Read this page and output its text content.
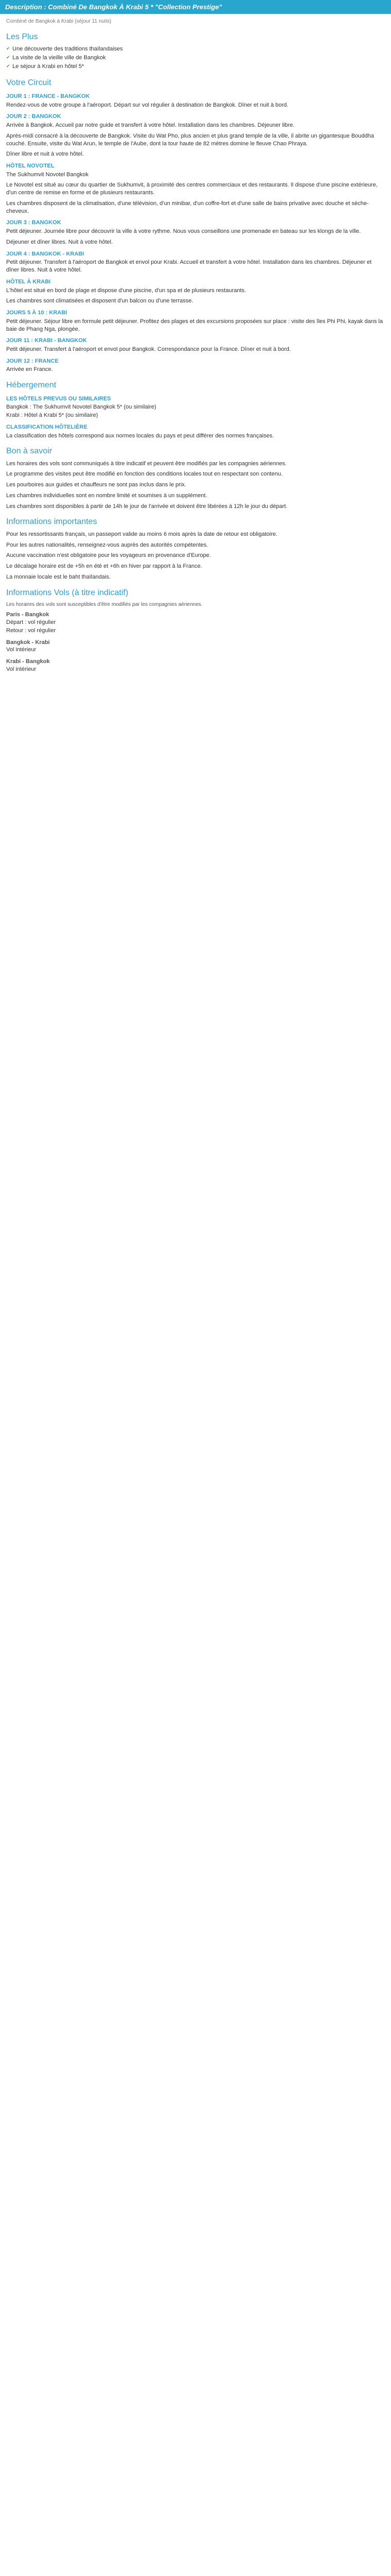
Description : Combiné De Bangkok À Krabi 5 * "Collection Prestige"
Combiné de Bangkok à Krabi (séjour 11 nuits)
Les Plus
✔ Une découverte des traditions thaïlandaises
✔ La visite de la vieille ville de Bangkok
✔ Le séjour à Krabi en hôtel 5*
Votre Circuit
JOUR 1 : FRANCE - BANGKOK

Rendez-vous de votre groupe à l'aéroport. Départ sur vol régulier à destination de Bangkok. Dîner et nuit à bord.

JOUR 2 : BANGKOK

Arrivée à Bangkok. Accueil par notre guide et transfert à votre hôtel. Installation dans les chambres. Déjeuner libre.

Après-midi consacré à la découverte de Bangkok. Visite du Wat Pho, plus ancien et plus grand temple de la ville, il abrite un gigantesque Bouddha couché. Ensuite, visite du Wat Arun, le temple de l'Aube, dont la tour haute de 82 mètres domine le fleuve Chao Phraya.

Dîner libre et nuit à votre hôtel.

HÔTEL NOVOTEL

The Sukhumvit Novotel Bangkok

Le Novotel est situé au cœur du quartier de Sukhumvit, à proximité des centres commerciaux et des restaurants. Il dispose d'une piscine extérieure, d'un centre de remise en forme et de plusieurs restaurants.

Les chambres disposent de la climatisation, d'une télévision, d'un minibar, d'un coffre-fort et d'une salle de bains privative avec douche et sèche-cheveux.

JOUR 3 : BANGKOK

Petit déjeuner. Journée libre pour découvrir la ville à votre rythme. Nous vous conseillons une promenade en bateau sur les klongs de la ville.

Déjeuner et dîner libres. Nuit à votre hôtel.

JOUR 4 : BANGKOK - KRABI

Petit déjeuner. Transfert à l'aéroport de Bangkok et envol pour Krabi. Accueil et transfert à votre hôtel. Installation dans les chambres. Déjeuner et dîner libres. Nuit à votre hôtel.

HÔTEL À KRABI

L'hôtel est situé en bord de plage et dispose d'une piscine, d'un spa et de plusieurs restaurants.

Les chambres sont climatisées et disposent d'un balcon ou d'une terrasse.

JOURS 5 À 10 : KRABI

Petit déjeuner. Séjour libre en formule petit déjeuner. Profitez des plages et des excursions proposées sur place : visite des îles Phi Phi, kayak dans la baie de Phang Nga, plongée.

JOUR 11 : KRABI - BANGKOK

Petit déjeuner. Transfert à l'aéroport et envol pour Bangkok. Correspondance pour la France. Dîner et nuit à bord.

JOUR 12 : FRANCE

Arrivée en France.

Hébergement
LES HÔTELS PREVUS OU SIMILAIRES
Bangkok : The Sukhumvit Novotel Bangkok 5* (ou similaire)
Krabi : Hôtel à Krabi 5* (ou similaire)
CLASSIFICATION HÔTELIÈRE
La classification des hôtels correspond aux normes locales du pays et peut différer des normes françaises.
Bon à savoir

Les horaires des vols sont communiqués à titre indicatif et peuvent être modifiés par les compagnies aériennes.

Le programme des visites peut être modifié en fonction des conditions locales tout en respectant son contenu.

Les pourboires aux guides et chauffeurs ne sont pas inclus dans le prix.

Les chambres individuelles sont en nombre limité et soumises à un supplément.

Les chambres sont disponibles à partir de 14h le jour de l'arrivée et doivent être libérées à 12h le jour du départ.

Informations importantes

Pour les ressortissants français, un passeport valide au moins 6 mois après la date de retour est obligatoire.

Pour les autres nationalités, renseignez-vous auprès des autorités compétentes.

Aucune vaccination n'est obligatoire pour les voyageurs en provenance d'Europe.

Le décalage horaire est de +5h en été et +6h en hiver par rapport à la France.

La monnaie locale est le baht thaïlandais.

Informations Vols (à titre indicatif)

Les horaires des vols sont susceptibles d'être modifiés par les compagnies aériennes.

Paris - Bangkok
Départ : vol régulier
Retour : vol régulier
Bangkok - Krabi
Vol intérieur
Krabi - Bangkok
Vol intérieur
